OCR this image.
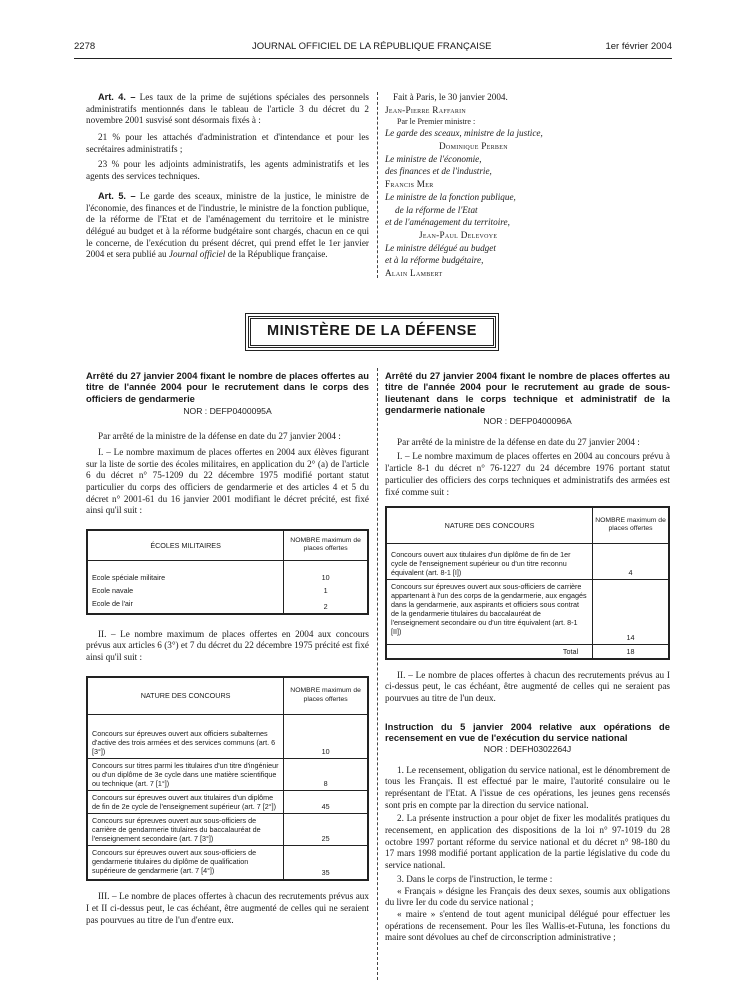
2278	JOURNAL OFFICIEL DE LA RÉPUBLIQUE FRANÇAISE	1er février 2004

Art. 4. – Les taux de la prime de sujétions spéciales des personnels administratifs mentionnés dans le tableau de l'article 3 du décret du 2 novembre 2001 susvisé sont désormais fixés à :

21 % pour les attachés d'administration et d'intendance et pour les secrétaires administratifs ;

23 % pour les adjoints administratifs, les agents administratifs et les agents des services techniques.

Art. 5. – Le garde des sceaux, ministre de la justice, le ministre de l'économie, des finances et de l'industrie, le ministre de la fonction publique, de la réforme de l'Etat et de l'aménagement du territoire et le ministre délégué au budget et à la réforme budgétaire sont chargés, chacun en ce qui le concerne, de l'exécution du présent décret, qui prend effet le 1er janvier 2004 et sera publié au Journal officiel de la République française.

Fait à Paris, le 30 janvier 2004.

Jean-Pierre Raffarin

Par le Premier ministre :

Le garde des sceaux, ministre de la justice,

Dominique Perben

Le ministre de l'économie,

des finances et de l'industrie,

Francis Mer

Le ministre de la fonction publique,

de la réforme de l'Etat

et de l'aménagement du territoire,

Jean-Paul Delevoye

Le ministre délégué au budget

et à la réforme budgétaire,

Alain Lambert

MINISTÈRE DE LA DÉFENSE

Arrêté du 27 janvier 2004 fixant le nombre de places offertes au titre de l'année 2004 pour le recrutement dans le corps des officiers de gendarmerie

NOR : DEFP0400095A

Par arrêté de la ministre de la défense en date du 27 janvier 2004 :

I. – Le nombre maximum de places offertes en 2004 aux élèves figurant sur la liste de sortie des écoles militaires, en application du 2° (a) de l'article 6 du décret n° 75-1209 du 22 décembre 1975 modifié portant statut particulier du corps des officiers de gendarmerie et des articles 4 et 5 du décret n° 2001-61 du 16 janvier 2001 modifiant le décret précité, est fixé ainsi qu'il suit :

ÉCOLES MILITAIRES	NOMBRE maximum de places offertes
Ecole spéciale militaire	10
Ecole navale	1
Ecole de l'air	2

II. – Le nombre maximum de places offertes en 2004 aux concours prévus aux articles 6 (3°) et 7 du décret du 22 décembre 1975 précité est fixé ainsi qu'il suit :

NATURE DES CONCOURS	NOMBRE maximum de places offertes
Concours sur épreuves ouvert aux officiers subalternes d'active des trois armées et des services communs (art. 6 [3°])	10
Concours sur titres parmi les titulaires d'un titre d'ingénieur ou d'un diplôme de 3e cycle dans une matière scientifique ou technique (art. 7 [1°])	8
Concours sur épreuves ouvert aux titulaires d'un diplôme de fin de 2e cycle de l'enseignement supérieur (art. 7 [2°])	45
Concours sur épreuves ouvert aux sous-officiers de carrière de gendarmerie titulaires du baccalauréat de l'enseignement secondaire (art. 7 [3°])	25
Concours sur épreuves ouvert aux sous-officiers de gendarmerie titulaires du diplôme de qualification supérieure de gendarmerie (art. 7 [4°])	35

III. – Le nombre de places offertes à chacun des recrutements prévus aux I et II ci-dessus peut, le cas échéant, être augmenté de celles qui ne seraient pas pourvues au titre de l'un d'entre eux.

Arrêté du 27 janvier 2004 fixant le nombre de places offertes au titre de l'année 2004 pour le recrutement au grade de sous-lieutenant dans le corps technique et administratif de la gendarmerie nationale

NOR : DEFP0400096A

Par arrêté de la ministre de la défense en date du 27 janvier 2004 :

I. – Le nombre maximum de places offertes en 2004 au concours prévu à l'article 8-1 du décret n° 76-1227 du 24 décembre 1976 portant statut particulier des officiers des corps techniques et administratifs des armées est fixé comme suit :

NATURE DES CONCOURS	NOMBRE maximum de places offertes
Concours ouvert aux titulaires d'un diplôme de fin de 1er cycle de l'enseignement supérieur ou d'un titre reconnu équivalent (art. 8-1 [I])	4
Concours sur épreuves ouvert aux sous-officiers de carrière appartenant à l'un des corps de la gendarmerie, aux engagés dans la gendarmerie, aux aspirants et officiers sous contrat de la gendarmerie titulaires du baccalauréat de l'enseignement secondaire ou d'un titre équivalent (art. 8-1 [II])	14
Total	18

II. – Le nombre de places offertes à chacun des recrutements prévus au I ci-dessus peut, le cas échéant, être augmenté de celles qui ne seraient pas pourvues au titre de l'un deux.

Instruction du 5 janvier 2004 relative aux opérations de recensement en vue de l'exécution du service national

NOR : DEFH0302264J

1. Le recensement, obligation du service national, est le dénombrement de tous les Français. Il est effectué par le maire, l'autorité consulaire ou le représentant de l'Etat. A l'issue de ces opérations, les jeunes gens recensés sont pris en compte par la direction du service national.

2. La présente instruction a pour objet de fixer les modalités pratiques du recensement, en application des dispositions de la loi n° 97-1019 du 28 octobre 1997 portant réforme du service national et du décret n° 98-180 du 17 mars 1998 modifié portant application de la partie législative du code du service national.

3. Dans le corps de l'instruction, le terme :

« Français » désigne les Français des deux sexes, soumis aux obligations du livre Ier du code du service national ;

« maire » s'entend de tout agent municipal délégué pour effectuer les opérations de recensement. Pour les îles Wallis-et-Futuna, les fonctions du maire sont dévolues au chef de circonscription administrative ;
